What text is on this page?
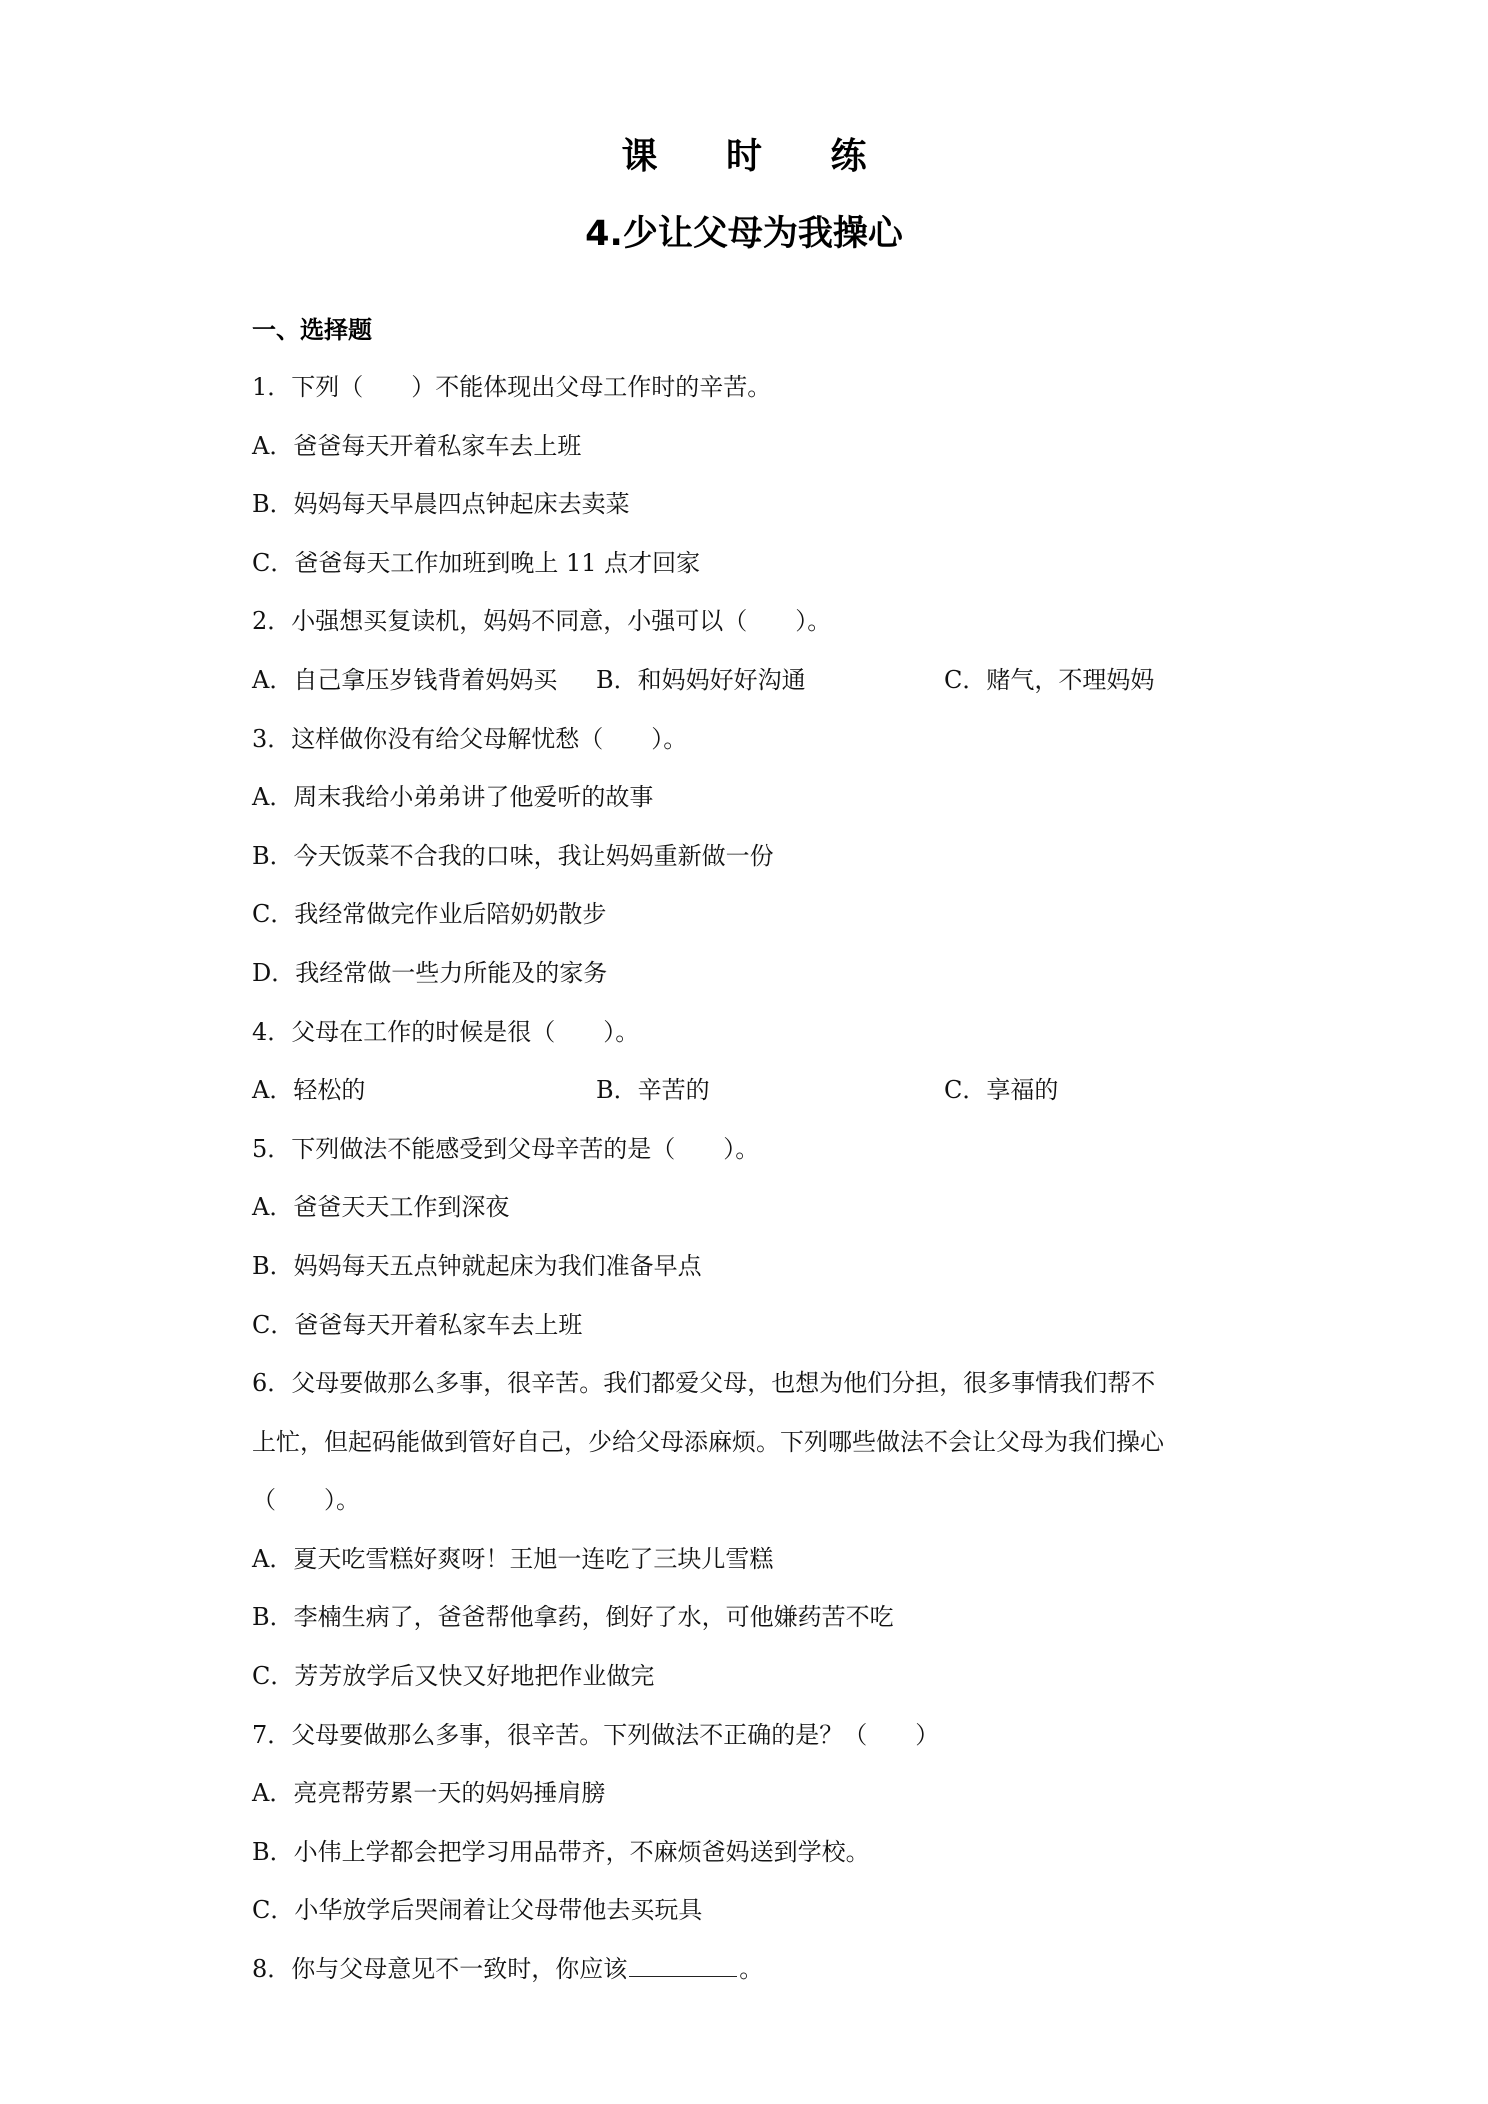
课 时 练
4.少让父母为我操心
一、选择题
1．下列（　　）不能体现出父母工作时的辛苦。
A．爸爸每天开着私家车去上班
B．妈妈每天早晨四点钟起床去卖菜
C．爸爸每天工作加班到晚上 11 点才回家
2．小强想买复读机，妈妈不同意，小强可以（　　）。
A．自己拿压岁钱背着妈妈买 B．和妈妈好好沟通	C．赌气，不理妈妈
3．这样做你没有给父母解忧愁（　　）。
A．周末我给小弟弟讲了他爱听的故事
B．今天饭菜不合我的口味，我让妈妈重新做一份
C．我经常做完作业后陪奶奶散步
D．我经常做一些力所能及的家务
4．父母在工作的时候是很（　　）。
A．轻松的	B．辛苦的	C．享福的
5．下列做法不能感受到父母辛苦的是（　　）。
A．爸爸天天工作到深夜
B．妈妈每天五点钟就起床为我们准备早点
C．爸爸每天开着私家车去上班
6．父母要做那么多事，很辛苦。我们都爱父母，也想为他们分担，很多事情我们帮不
上忙，但起码能做到管好自己，少给父母添麻烦。下列哪些做法不会让父母为我们操心
（　　）。
A．夏天吃雪糕好爽呀！王旭一连吃了三块儿雪糕
B．李楠生病了，爸爸帮他拿药，倒好了水，可他嫌药苦不吃
C．芳芳放学后又快又好地把作业做完
7．父母要做那么多事，很辛苦。下列做法不正确的是？（　　）
A．亮亮帮劳累一天的妈妈捶肩膀
B．小伟上学都会把学习用品带齐，不麻烦爸妈送到学校。
C．小华放学后哭闹着让父母带他去买玩具
8．你与父母意见不一致时，你应该	。
